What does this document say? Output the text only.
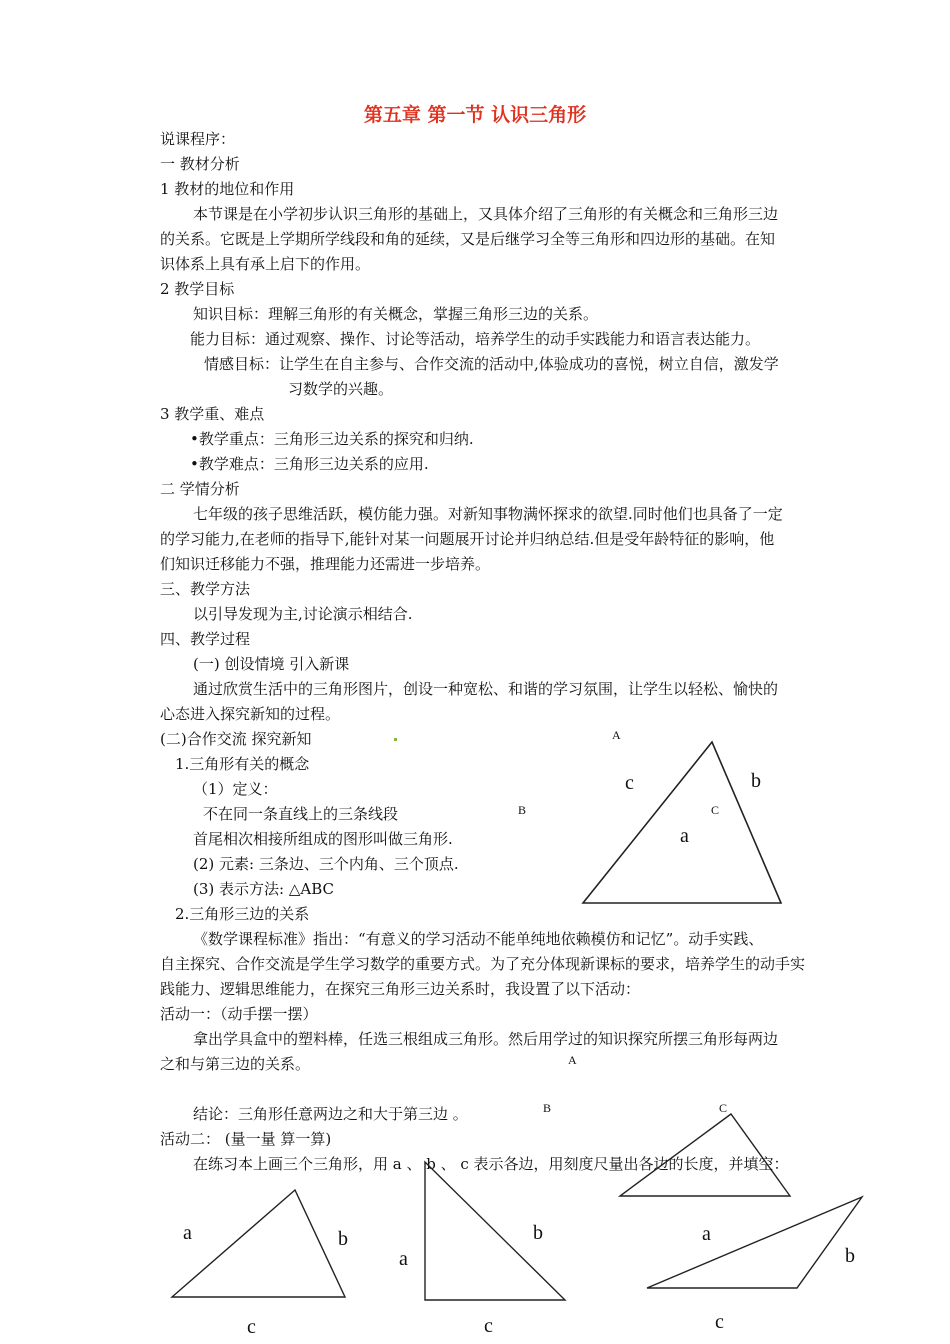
第五章 第一节 认识三角形
说课程序：
一 教材分析
1 教材的地位和作用
本节课是在小学初步认识三角形的基础上，又具体介绍了三角形的有关概念和三角形三边
的关系。它既是上学期所学线段和角的延续，又是后继学习全等三角形和四边形的基础。在知
识体系上具有承上启下的作用。
2 教学目标
知识目标：理解三角形的有关概念，掌握三角形三边的关系。
能力目标：通过观察、操作、讨论等活动，培养学生的动手实践能力和语言表达能力。
情感目标：让学生在自主参与、合作交流的活动中,体验成功的喜悦，树立自信，激发学
习数学的兴趣。
3 教学重、难点
•教学重点：三角形三边关系的探究和归纳.
•教学难点：三角形三边关系的应用.
二 学情分析
七年级的孩子思维活跃，模仿能力强。对新知事物满怀探求的欲望.同时他们也具备了一定
的学习能力,在老师的指导下,能针对某一问题展开讨论并归纳总结.但是受年龄特征的影响，他
们知识迁移能力不强，推理能力还需进一步培养。
三、教学方法
以引导发现为主,讨论演示相结合.
四、教学过程
(一) 创设情境 引入新课
通过欣赏生活中的三角形图片，创设一种宽松、和谐的学习氛围，让学生以轻松、愉快的
心态进入探究新知的过程。
(二)合作交流 探究新知
1.三角形有关的概念
（1）定义：
不在同一条直线上的三条线段
首尾相次相接所组成的图形叫做三角形.
(2) 元素: 三条边、三个内角、三个顶点.
(3) 表示方法: △ABC
2.三角形三边的关系
《数学课程标准》指出：“有意义的学习活动不能单纯地依赖模仿和记忆”。动手实践、
自主探究、合作交流是学生学习数学的重要方式。为了充分体现新课标的要求，培养学生的动手实
践能力、逻辑思维能力，在探究三角形三边关系时，我设置了以下活动：
活动一：（动手摆一摆）
拿出学具盒中的塑料棒，任选三根组成三角形。然后用学过的知识探究所摆三角形每两边
之和与第三边的关系。
结论：三角形任意两边之和大于第三边 。
活动二： (量一量 算一算)
在练习本上画三个三角形，用 a 、 b 、 c 表示各边，用刻度尺量出各边的长度，并填空：
A
B	C
c	b
a
A
B	C
a	b
c
a
b
c
a
b
c
